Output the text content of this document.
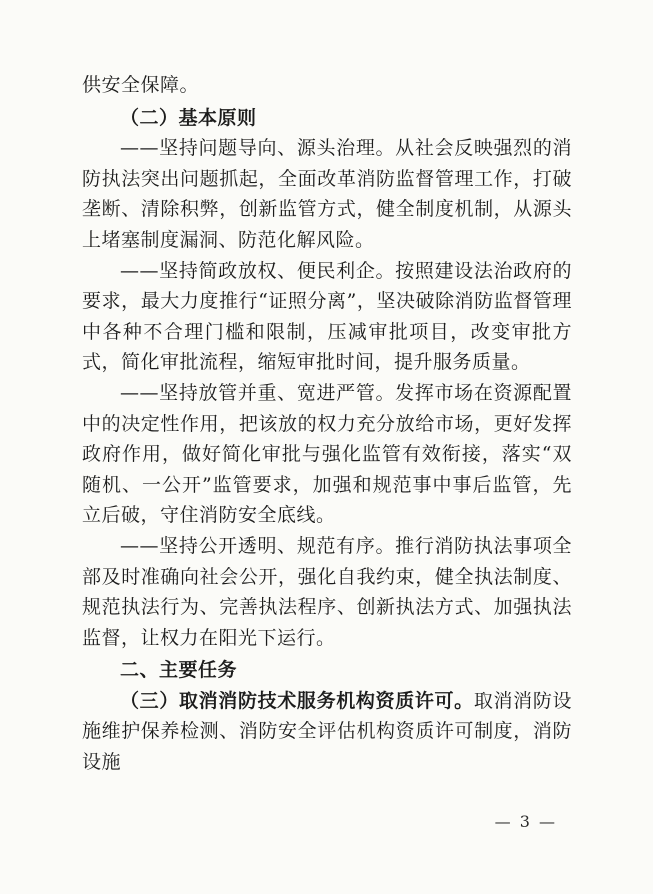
供安全保障。

（二）基本原则

——坚持问题导向、源头治理。从社会反映强烈的消防执法突出问题抓起，全面改革消防监督管理工作，打破垄断、清除积弊，创新监管方式，健全制度机制，从源头上堵塞制度漏洞、防范化解风险。

——坚持简政放权、便民利企。按照建设法治政府的要求，最大力度推行“证照分离”，坚决破除消防监督管理中各种不合理门槛和限制，压减审批项目，改变审批方式，简化审批流程，缩短审批时间，提升服务质量。

——坚持放管并重、宽进严管。发挥市场在资源配置中的决定性作用，把该放的权力充分放给市场，更好发挥政府作用，做好简化审批与强化监管有效衔接，落实“双随机、一公开”监管要求，加强和规范事中事后监管，先立后破，守住消防安全底线。

——坚持公开透明、规范有序。推行消防执法事项全部及时准确向社会公开，强化自我约束，健全执法制度、规范执法行为、完善执法程序、创新执法方式、加强执法监督，让权力在阳光下运行。

二、主要任务

（三）取消消防技术服务机构资质许可。取消消防设施维护保养检测、消防安全评估机构资质许可制度，消防设施

— 3 —
